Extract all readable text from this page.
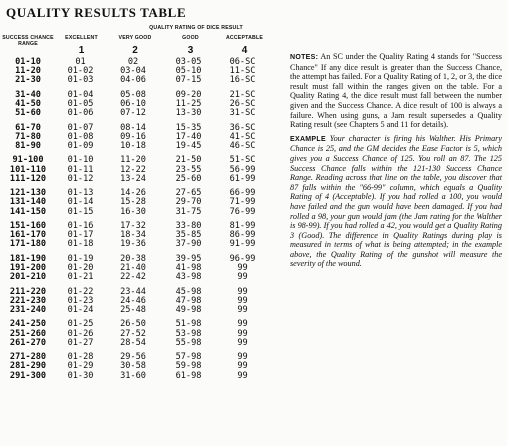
QUALITY RESULTS TABLE
QUALITY RATING OF DICE RESULT
SUCCESS CHANCE RANGE
EXCELLENT	VERY GOOD	GOOD	ACCEPTABLE
1	2	3	4
01-10	01	02	03-05	06-SC
11-20	01-02	03-04	05-10	11-SC
21-30	01-03	04-06	07-15	16-SC

31-40	01-04	05-08	09-20	21-SC
41-50	01-05	06-10	11-25	26-SC
51-60	01-06	07-12	13-30	31-SC

61-70	01-07	08-14	15-35	36-SC
71-80	01-08	09-16	17-40	41-SC
81-90	01-09	10-18	19-45	46-SC

91-100	01-10	11-20	21-50	51-SC
101-110	01-11	12-22	23-55	56-99
111-120	01-12	13-24	25-60	61-99

121-130	01-13	14-26	27-65	66-99
131-140	01-14	15-28	29-70	71-99
141-150	01-15	16-30	31-75	76-99

151-160	01-16	17-32	33-80	81-99
161-170	01-17	18-34	35-85	86-99
171-180	01-18	19-36	37-90	91-99

181-190	01-19	20-38	39-95	96-99
191-200	01-20	21-40	41-98	99
201-210	01-21	22-42	43-98	99

211-220	01-22	23-44	45-98	99
221-230	01-23	24-46	47-98	99
231-240	01-24	25-48	49-98	99

241-250	01-25	26-50	51-98	99
251-260	01-26	27-52	53-98	99
261-270	01-27	28-54	55-98	99

271-280	01-28	29-56	57-98	99
281-290	01-29	30-58	59-98	99
291-300	01-30	31-60	61-98	99

NOTES: An SC under the Quality Rating 4 stands for "Success Chance" If any dice result is greater than the Success Chance, the attempt has failed. For a Quality Rating of 1, 2, or 3, the dice result must fall within the ranges given on the table. For a Quality Rating 4, the dice result must fall between the number given and the Success Chance. A dice result of 100 is always a failure. When using guns, a Jam result supersedes a Quality Rating result (see Chapters 5 and 11 for details).

EXAMPLE Your character is firing his Walther. His Primary Chance is 25, and the GM decides the Ease Factor is 5, which gives you a Success Chance of 125. You roll an 87. The 125 Success Chance falls within the 121-130 Success Chance Range. Reading across that line on the table, you discover that 87 falls within the "66-99" column, which equals a Quality Rating of 4 (Acceptable). If you had rolled a 100, you would have failed and the gun would have been damaged. If you had rolled a 98, your gun would jam (the Jam rating for the Walther is 98-99). If you had rolled a 42, you would get a Quality Rating 3 (Good). The difference in Quality Ratings during play is measured in terms of what is being attempted; in the example above, the Quality Rating of the gunshot will measure the severity of the wound.
